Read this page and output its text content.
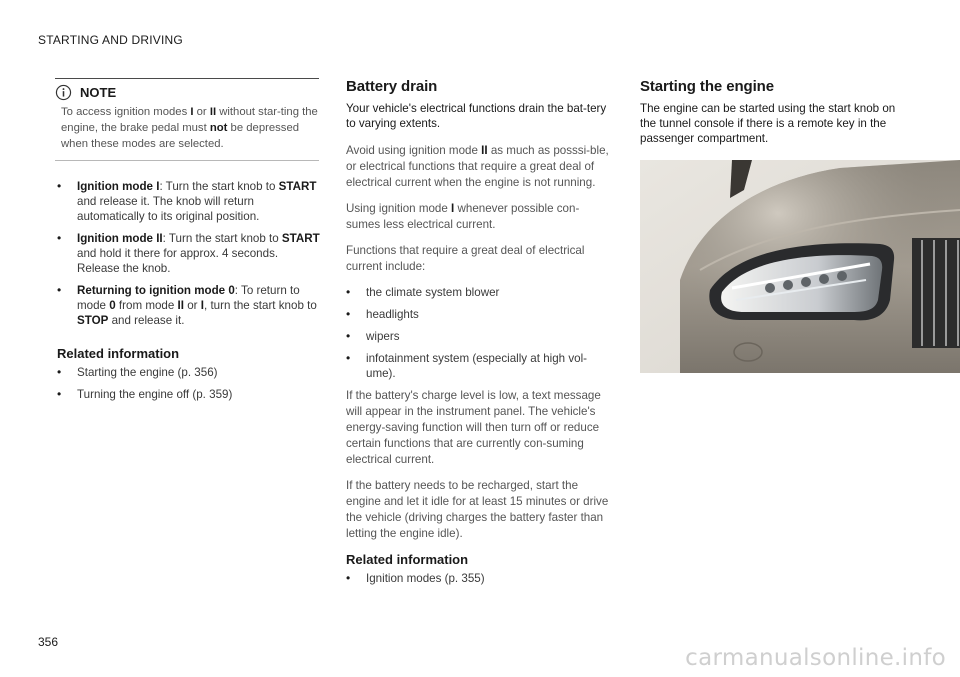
STARTING AND DRIVING
NOTE
To access ignition modes I or II without star-ting the engine, the brake pedal must not be depressed when these modes are selected.
• Ignition mode I: Turn the start knob to START and release it. The knob will return automatically to its original position.
• Ignition mode II: Turn the start knob to START and hold it there for approx. 4 seconds. Release the knob.
• Returning to ignition mode 0: To return to mode 0 from mode II or I, turn the start knob to STOP and release it.
Related information
• Starting the engine (p. 356)
• Turning the engine off (p. 359)
Battery drain
Your vehicle's electrical functions drain the bat-tery to varying extents.
Avoid using ignition mode II as much as posssi-ble, or electrical functions that require a great deal of electrical current when the engine is not running.
Using ignition mode I whenever possible con-sumes less electrical current.
Functions that require a great deal of electrical current include:
• the climate system blower
• headlights
• wipers
• infotainment system (especially at high vol-ume).
If the battery's charge level is low, a text message will appear in the instrument panel. The vehicle's energy-saving function will then turn off or reduce certain functions that are currently con-suming electrical current.
If the battery needs to be recharged, start the engine and let it idle for at least 15 minutes or drive the vehicle (driving charges the battery faster than letting the engine idle).
Related information
• Ignition modes (p. 355)
Starting the engine
The engine can be started using the start knob on the tunnel console if there is a remote key in the passenger compartment.
356
carmanualsonline.info
